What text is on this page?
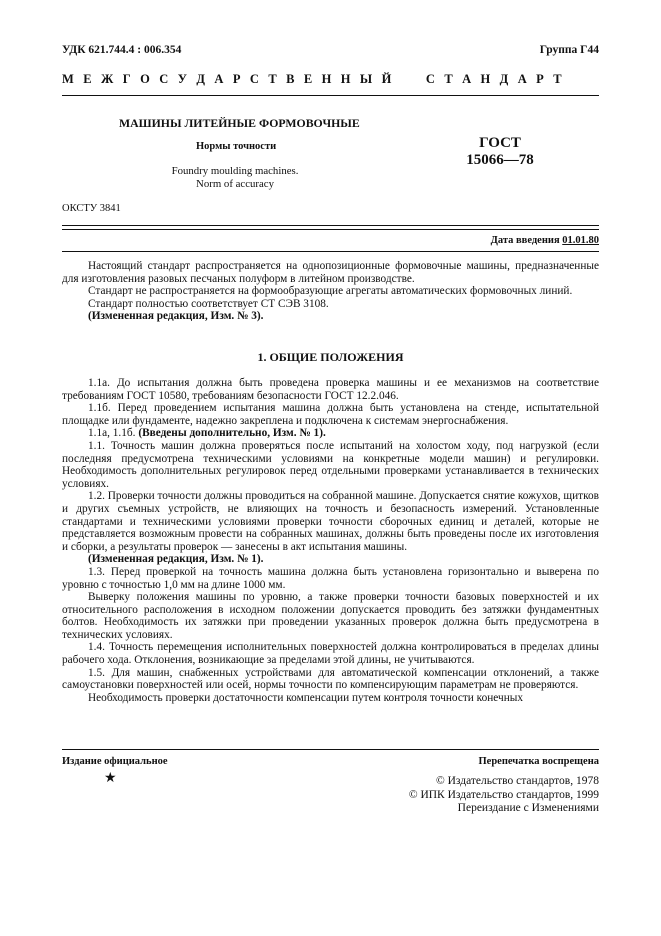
УДК 621.744.4 : 006.354	Группа Г44
М Е Ж Г О С У Д А Р С Т В Е Н Н Ы Й     С Т А Н Д А Р Т
МАШИНЫ ЛИТЕЙНЫЕ ФОРМОВОЧНЫЕ
Нормы точности
Foundry moulding machines.
Norm of accuracy
ГОСТ
15066—78
ОКСТУ 3841
Дата введения 01.01.80

Настоящий стандарт распространяется на однопозиционные формовочные машины, предназначенные для изготовления разовых песчаных полуформ в литейном производстве.

Стандарт не распространяется на формообразующие агрегаты автоматических формовочных линий.

Стандарт полностью соответствует СТ СЭВ 3108.

(Измененная редакция, Изм. № 3).

1. ОБЩИЕ ПОЛОЖЕНИЯ

1.1а. До испытания должна быть проведена проверка машины и ее механизмов на соответствие требованиям ГОСТ 10580, требованиям безопасности ГОСТ 12.2.046.

1.1б. Перед проведением испытания машина должна быть установлена на стенде, испытательной площадке или фундаменте, надежно закреплена и подключена к системам энергоснабжения.

1.1а, 1.1б. (Введены дополнительно, Изм. № 1).

1.1. Точность машин должна проверяться после испытаний на холостом ходу, под нагрузкой (если последняя предусмотрена техническими условиями на конкретные модели машин) и регулировки. Необходимость дополнительных регулировок перед отдельными проверками устанавливается в технических условиях.

1.2. Проверки точности должны проводиться на собранной машине. Допускается снятие кожухов, щитков и других съемных устройств, не влияющих на точность и безопасность измерений. Установленные стандартами и техническими условиями проверки точности сборочных единиц и деталей, которые не представляется возможным провести на собранных машинах, должны быть проведены после их изготовления и сборки, а результаты проверок — занесены в акт испытания машины.

(Измененная редакция, Изм. № 1).

1.3. Перед проверкой на точность машина должна быть установлена горизонтально и выверена по уровню с точностью 1,0 мм на длине 1000 мм.

Выверку положения машины по уровню, а также проверки точности базовых поверхностей и их относительного расположения в исходном положении допускается проводить без затяжки фундаментных болтов. Необходимость их затяжки при проведении указанных проверок должна быть предусмотрена в технических условиях.

1.4. Точность перемещения исполнительных поверхностей должна контролироваться в пределах длины рабочего хода. Отклонения, возникающие за пределами этой длины, не учитываются.

1.5. Для машин, снабженных устройствами для автоматической компенсации отклонений, а также самоустановки поверхностей или осей, нормы точности по компенсирующим параметрам не проверяются.

Необходимость проверки достаточности компенсации путем контроля точности конечных

Издание официальное	Перепечатка воспрещена
★	© Издательство стандартов, 1978
© ИПК Издательство стандартов, 1999
Переиздание с Изменениями
